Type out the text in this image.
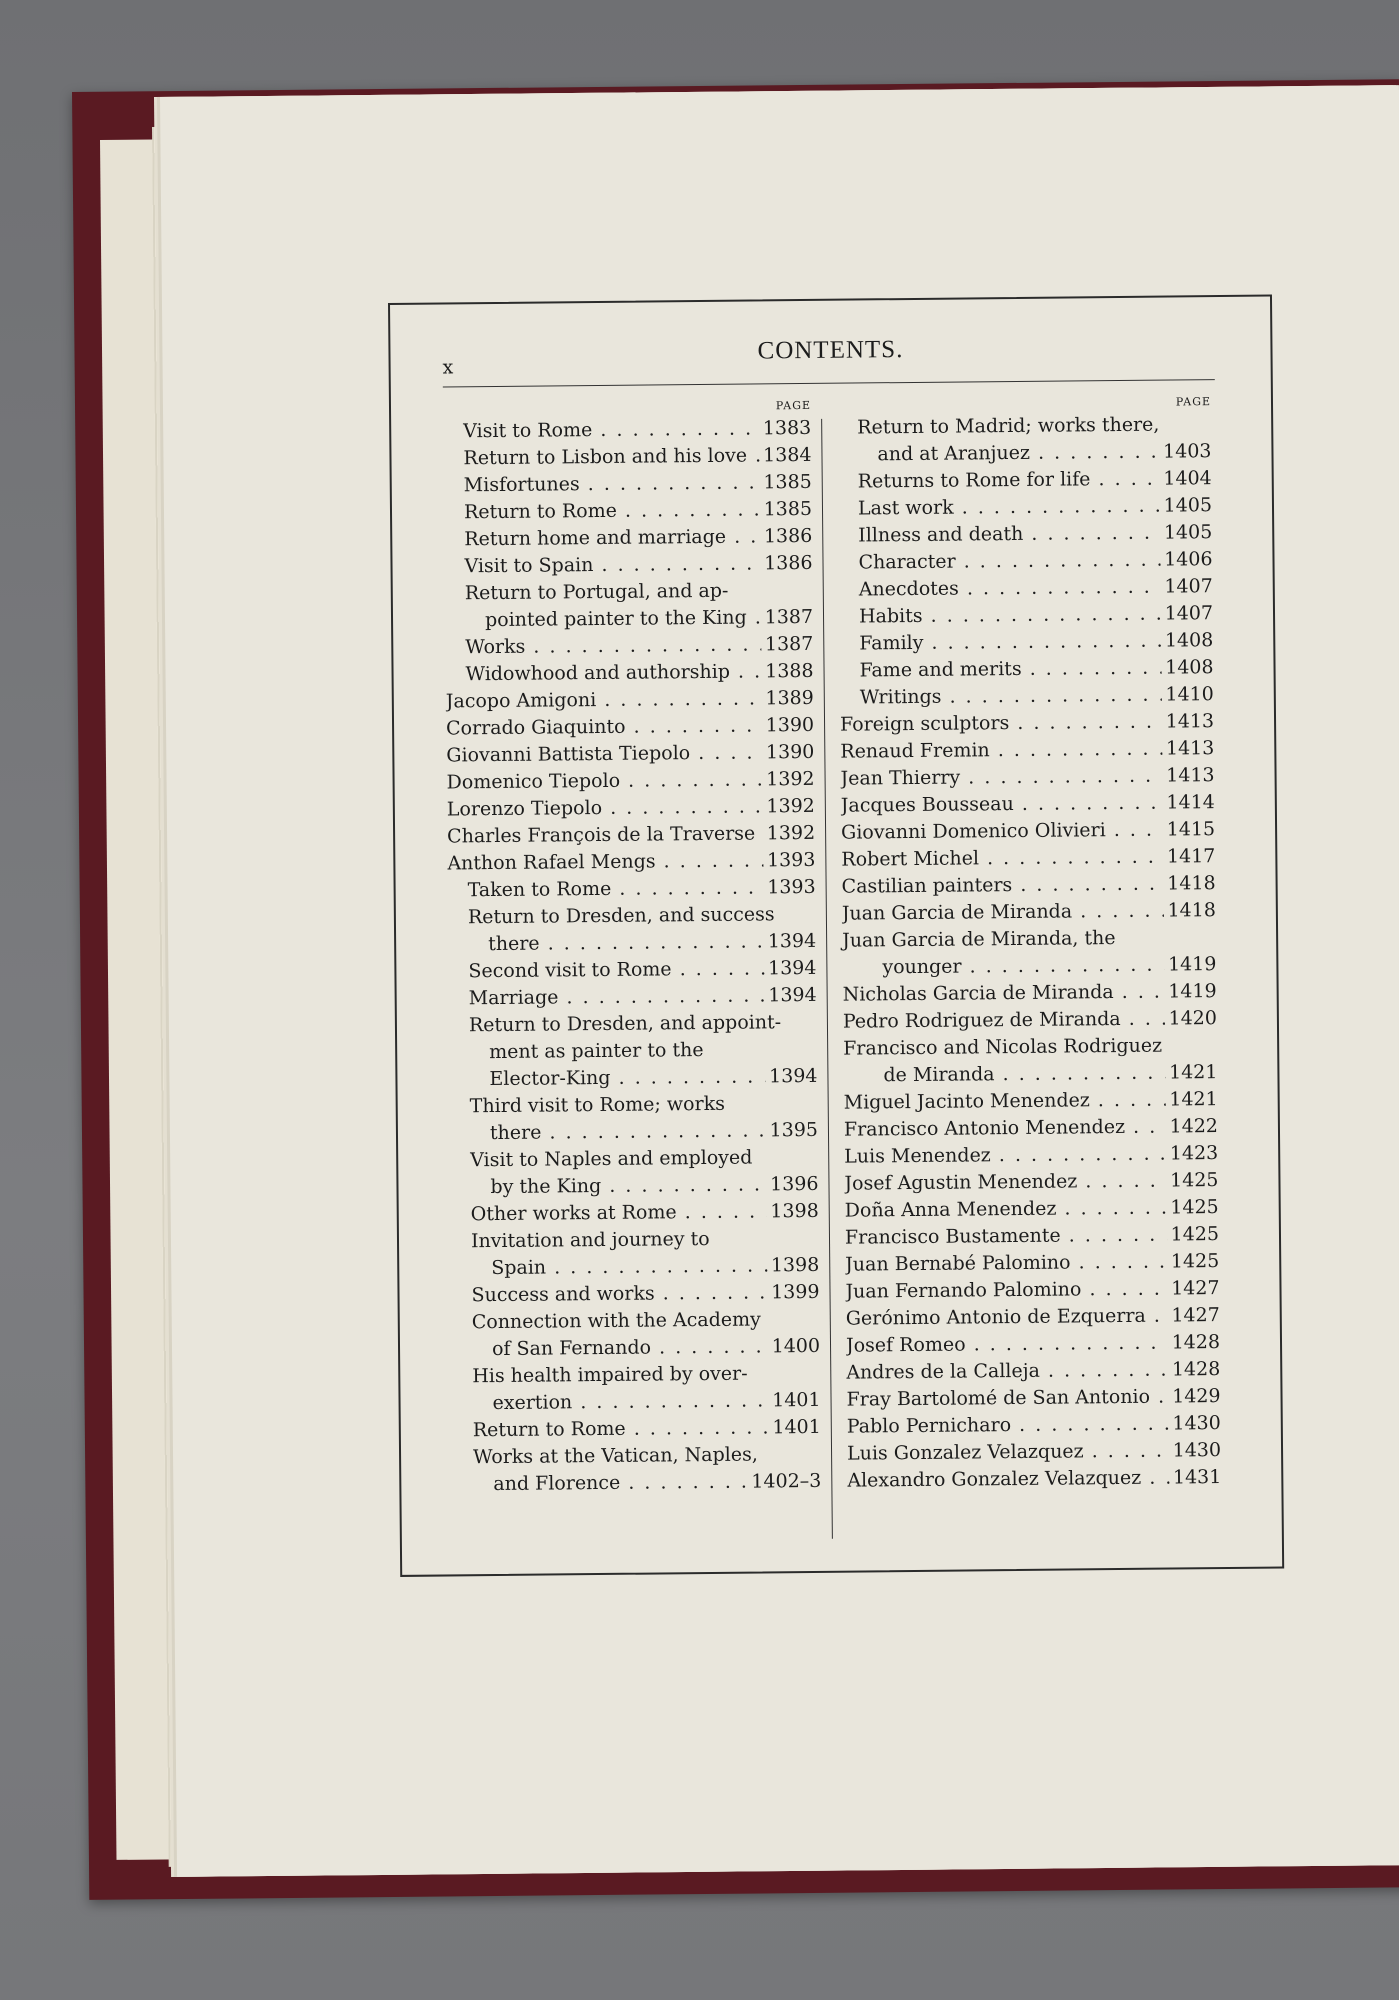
x
CONTENTS.
PAGE
Visit to Rome . .	1383
Return to Lisbon and his love . . 1384
Misfortunes . .	1385
Return to Rome . .	1385
Return home and marriage . .	1386
Visit to Spain . .	1386
Return to Portugal, and ap-
pointed painter to the King . . 1387
Works . .	1387
Widowhood and authorship . .	1388
Jacopo Amigoni . .	1389
Corrado Giaquinto . .	1390
Giovanni Battista Tiepolo . .	1390
Domenico Tiepolo . .	1392
Lorenzo Tiepolo . .	1392
Charles François de la Traverse . . 1392
Anthon Rafael Mengs . .	1393
Taken to Rome . .	1393
Return to Dresden, and success
there . .	1394
Second visit to Rome . .	1394
Marriage . .	1394
Return to Dresden, and appoint-
ment as painter to the
Elector-King . .	1394
Third visit to Rome; works
there . .	1395
Visit to Naples and employed
by the King . .	1396
Other works at Rome . .	1398
Invitation and journey to
Spain . .	1398
Success and works . .	1399
Connection with the Academy
of San Fernando . .	1400
His health impaired by over-
exertion . .	1401
Return to Rome . .	1401
Works at the Vatican, Naples,
and Florence . .	1402–3
PAGE
Return to Madrid; works there,
and at Aranjuez . .	1403
Returns to Rome for life . .	1404
Last work . .	1405
Illness and death . .	1405
Character . .	1406
Anecdotes . .	1407
Habits . .	1407
Family . .	1408
Fame and merits . .	1408
Writings . .	1410
Foreign sculptors . .	1413
Renaud Fremin . .	1413
Jean Thierry . .	1413
Jacques Bousseau . .	1414
Giovanni Domenico Olivieri . .	1415
Robert Michel . .	1417
Castilian painters . .	1418
Juan Garcia de Miranda . .	1418
Juan Garcia de Miranda, the
younger . .	1419
Nicholas Garcia de Miranda . .	1419
Pedro Rodriguez de Miranda . .	1420
Francisco and Nicolas Rodriguez
de Miranda . .	1421
Miguel Jacinto Menendez . .	1421
Francisco Antonio Menendez . .	1422
Luis Menendez . .	1423
Josef Agustin Menendez . .	1425
Doña Anna Menendez . .	1425
Francisco Bustamente . .	1425
Juan Bernabé Palomino . .	1425
Juan Fernando Palomino . .	1427
Gerónimo Antonio de Ezquerra . .	1427
Josef Romeo . .	1428
Andres de la Calleja . .	1428
Fray Bartolomé de San Antonio . .	1429
Pablo Pernicharo . .	1430
Luis Gonzalez Velazquez . .	1430
Alexandro Gonzalez Velazquez . .	1431
